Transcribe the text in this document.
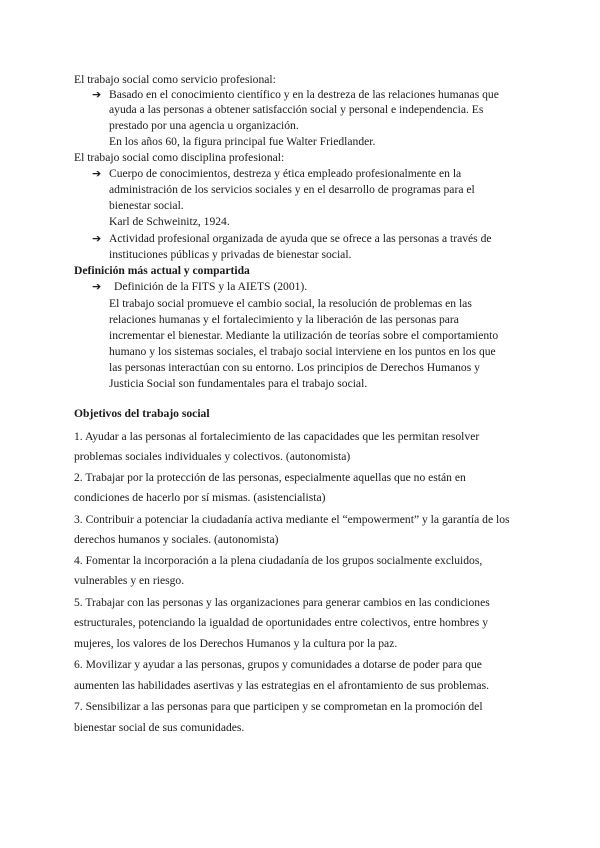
El trabajo social como servicio profesional:
➔ Basado en el conocimiento científico y en la destreza de las relaciones humanas que
ayuda a las personas a obtener satisfacción social y personal e independencia. Es
prestado por una agencia u organización.
En los años 60, la figura principal fue Walter Friedlander.
El trabajo social como disciplina profesional:
➔ Cuerpo de conocimientos, destreza y ética empleado profesionalmente en la
administración de los servicios sociales y en el desarrollo de programas para el
bienestar social.
Karl de Schweinitz, 1924.
➔ Actividad profesional organizada de ayuda que se ofrece a las personas a través de
instituciones públicas y privadas de bienestar social.
Definición más actual y compartida
➔ Definición de la FITS y la AIETS (2001).
El trabajo social promueve el cambio social, la resolución de problemas en las
relaciones humanas y el fortalecimiento y la liberación de las personas para
incrementar el bienestar. Mediante la utilización de teorías sobre el comportamiento
humano y los sistemas sociales, el trabajo social interviene en los puntos en los que
las personas interactúan con su entorno. Los principios de Derechos Humanos y
Justicia Social son fundamentales para el trabajo social.
Objetivos del trabajo social
1. Ayudar a las personas al fortalecimiento de las capacidades que les permitan resolver
problemas sociales individuales y colectivos. (autonomista)
2. Trabajar por la protección de las personas, especialmente aquellas que no están en
condiciones de hacerlo por sí mismas. (asistencialista)
3. Contribuir a potenciar la ciudadanía activa mediante el “empowerment” y la garantía de los
derechos humanos y sociales. (autonomista)
4. Fomentar la incorporación a la plena ciudadanía de los grupos socialmente excluidos,
vulnerables y en riesgo.
5. Trabajar con las personas y las organizaciones para generar cambios en las condiciones
estructurales, potenciando la igualdad de oportunidades entre colectivos, entre hombres y
mujeres, los valores de los Derechos Humanos y la cultura por la paz.
6. Movilizar y ayudar a las personas, grupos y comunidades a dotarse de poder para que
aumenten las habilidades asertivas y las estrategias en el afrontamiento de sus problemas.
7. Sensibilizar a las personas para que participen y se comprometan en la promoción del
bienestar social de sus comunidades.
